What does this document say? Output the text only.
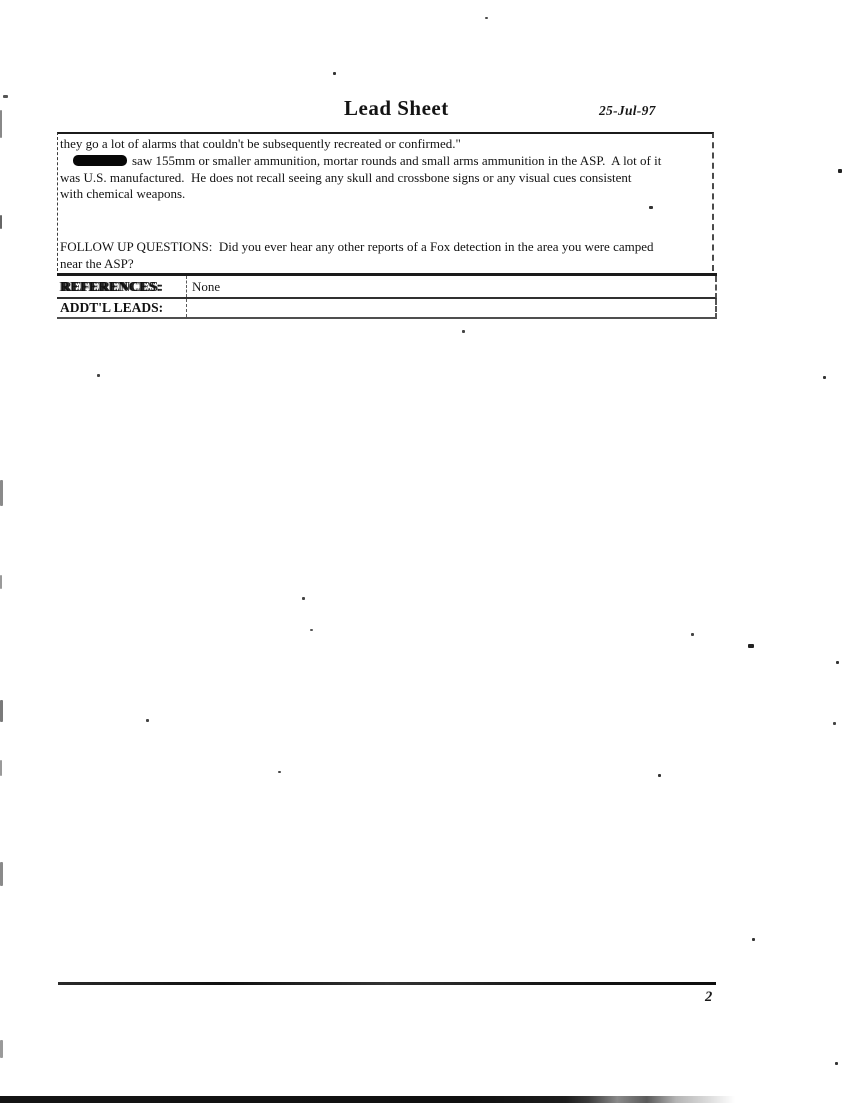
Lead Sheet	25-Jul-97
they go a lot of alarms that couldn't be subsequently recreated or confirmed."
saw 155mm or smaller ammunition, mortar rounds and small arms ammunition in the ASP.  A lot of it
was U.S. manufactured.  He does not recall seeing any skull and crossbone signs or any visual cues consistent
with chemical weapons.
FOLLOW UP QUESTIONS:  Did you ever hear any other reports of a Fox detection in the area you were camped
near the ASP?
REFERENCES:	None
ADDT'L LEADS:
2
